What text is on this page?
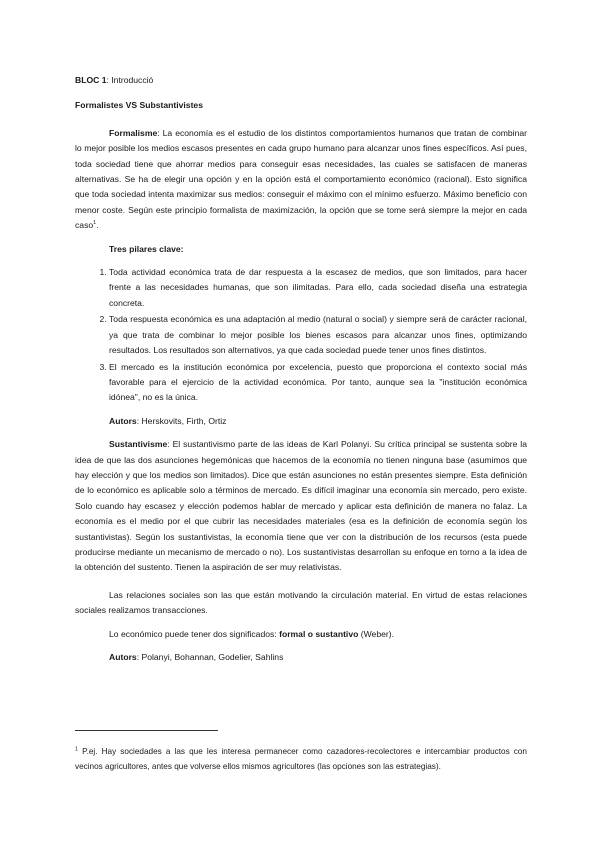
BLOC 1: Introducció

Formalistes VS Substantivistes

Formalisme: La economía es el estudio de los distintos comportamientos humanos que tratan de combinar lo mejor posible los medios escasos presentes en cada grupo humano para alcanzar unos fines específicos. Así pues, toda sociedad tiene que ahorrar medios para conseguir esas necesidades, las cuales se satisfacen de maneras alternativas. Se ha de elegir una opción y en la opción está el comportamiento económico (racional). Esto significa que toda sociedad intenta maximizar sus medios: conseguir el máximo con el mínimo esfuerzo. Máximo beneficio con menor coste. Según este principio formalista de maximización, la opción que se tome será siempre la mejor en cada caso$^1$.

Tres pilares clave:

1. Toda actividad económica trata de dar respuesta a la escasez de medios, que son limitados, para hacer frente a las necesidades humanas, que son ilimitadas. Para ello, cada sociedad diseña una estrategia concreta.
2. Toda respuesta económica es una adaptación al medio (natural o social) y siempre será de carácter racional, ya que trata de combinar lo mejor posible los bienes escasos para alcanzar unos fines, optimizando resultados. Los resultados son alternativos, ya que cada sociedad puede tener unos fines distintos.
3. El mercado es la institución económica por excelencia, puesto que proporciona el contexto social más favorable para el ejercicio de la actividad económica. Por tanto, aunque sea la "institución económica idónea", no es la única.

Autors: Herskovits, Firth, Ortiz

Sustantivisme: El sustantivismo parte de las ideas de Karl Polanyi. Su crítica principal se sustenta sobre la idea de que las dos asunciones hegemónicas que hacemos de la economía no tienen ninguna base (asumimos que hay elección y que los medios son limitados). Dice que están asunciones no están presentes siempre. Esta definición de lo económico es aplicable solo a términos de mercado. Es difícil imaginar una economía sin mercado, pero existe. Solo cuando hay escasez y elección podemos hablar de mercado y aplicar esta definición de manera no falaz. La economía es el medio por el que cubrir las necesidades materiales (esa es la definición de economía según los sustantivistas). Según los sustantivistas, la economía tiene que ver con la distribución de los recursos (esta puede producirse mediante un mecanismo de mercado o no). Los sustantivistas desarrollan su enfoque en torno a la idea de la obtención del sustento. Tienen la aspiración de ser muy relativistas.

Las relaciones sociales son las que están motivando la circulación material. En virtud de estas relaciones sociales realizamos transacciones.

Lo económico puede tener dos significados: formal o sustantivo (Weber).

Autors: Polanyi, Bohannan, Godelier, Sahlins

$^1$ P.ej. Hay sociedades a las que les interesa permanecer como cazadores-recolectores e intercambiar productos con vecinos agricultores, antes que volverse ellos mismos agricultores (las opciones son las estrategias).
